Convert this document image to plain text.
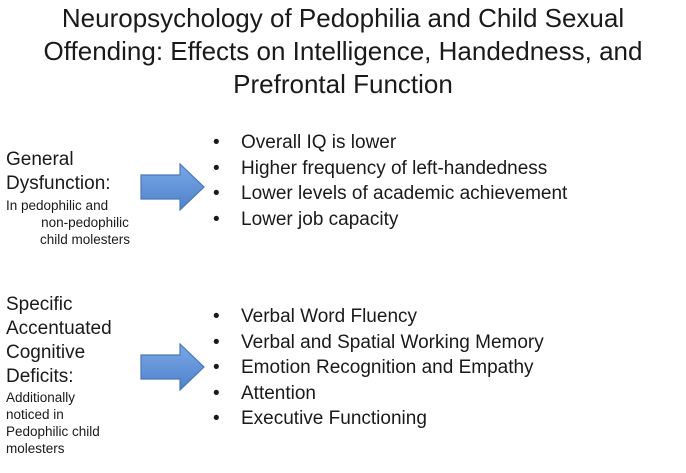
Neuropsychology of Pedophilia and Child Sexual
Offending: Effects on Intelligence, Handedness, and
Prefrontal Function
General
Dysfunction:
In pedophilic and
non-pedophilic
child molesters
• Overall IQ is lower
• Higher frequency of left-handedness
• Lower levels of academic achievement
• Lower job capacity
Specific
Accentuated
Cognitive
Deficits:
Additionally
noticed in
Pedophilic child
molesters
• Verbal Word Fluency
• Verbal and Spatial Working Memory
• Emotion Recognition and Empathy
• Attention
• Executive Functioning
